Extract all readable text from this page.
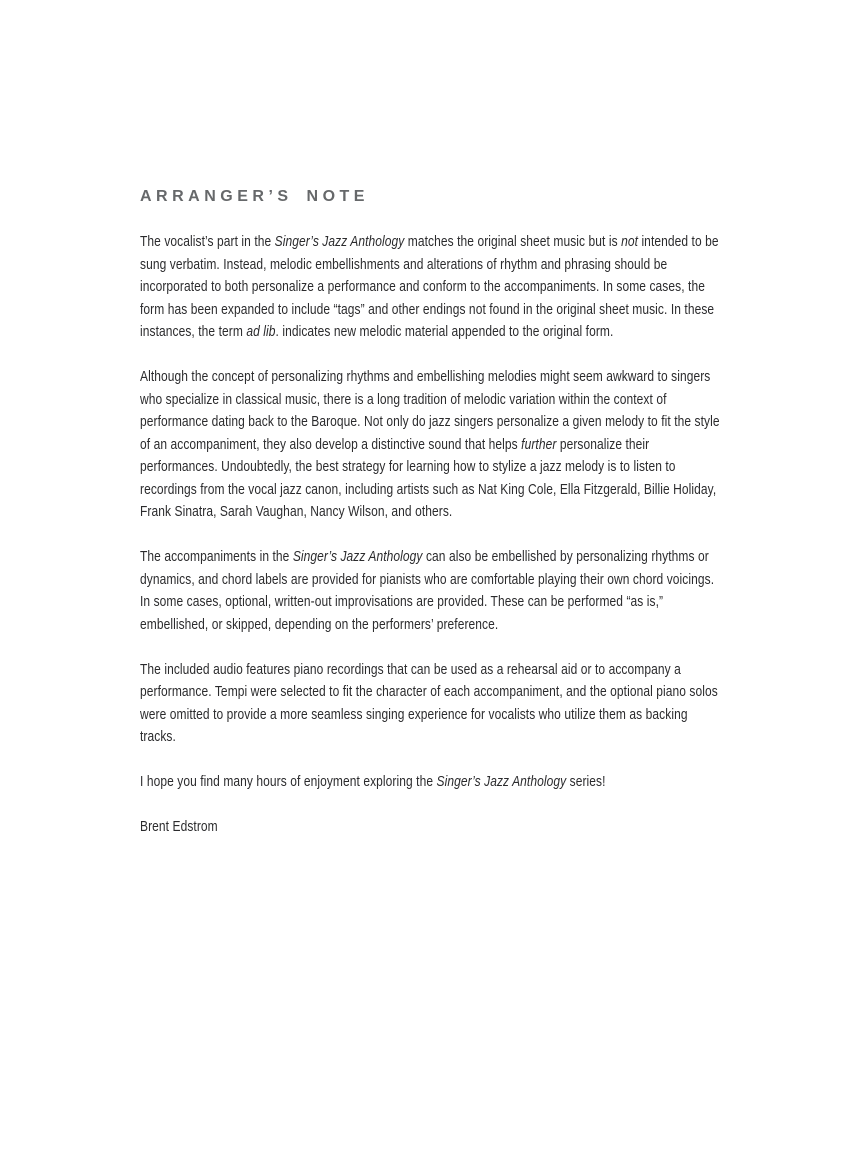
ARRANGER’S NOTE

The vocalist’s part in the Singer’s Jazz Anthology matches the original sheet music but is not intended to be sung verbatim. Instead, melodic embellishments and alterations of rhythm and phrasing should be incorporated to both personalize a performance and conform to the accompaniments. In some cases, the form has been expanded to include “tags” and other endings not found in the original sheet music. In these instances, the term ad lib. indicates new melodic material appended to the original form.

Although the concept of personalizing rhythms and embellishing melodies might seem awkward to singers who specialize in classical music, there is a long tradition of melodic variation within the context of performance dating back to the Baroque. Not only do jazz singers personalize a given melody to fit the style of an accompaniment, they also develop a distinctive sound that helps further personalize their performances. Undoubtedly, the best strategy for learning how to stylize a jazz melody is to listen to recordings from the vocal jazz canon, including artists such as Nat King Cole, Ella Fitzgerald, Billie Holiday, Frank Sinatra, Sarah Vaughan, Nancy Wilson, and others.

The accompaniments in the Singer’s Jazz Anthology can also be embellished by personalizing rhythms or dynamics, and chord labels are provided for pianists who are comfortable playing their own chord voicings. In some cases, optional, written-out improvisations are provided. These can be performed “as is,” embellished, or skipped, depending on the performers’ preference.

The included audio features piano recordings that can be used as a rehearsal aid or to accompany a performance. Tempi were selected to fit the character of each accompaniment, and the optional piano solos were omitted to provide a more seamless singing experience for vocalists who utilize them as backing tracks.

I hope you find many hours of enjoyment exploring the Singer’s Jazz Anthology series!

Brent Edstrom
